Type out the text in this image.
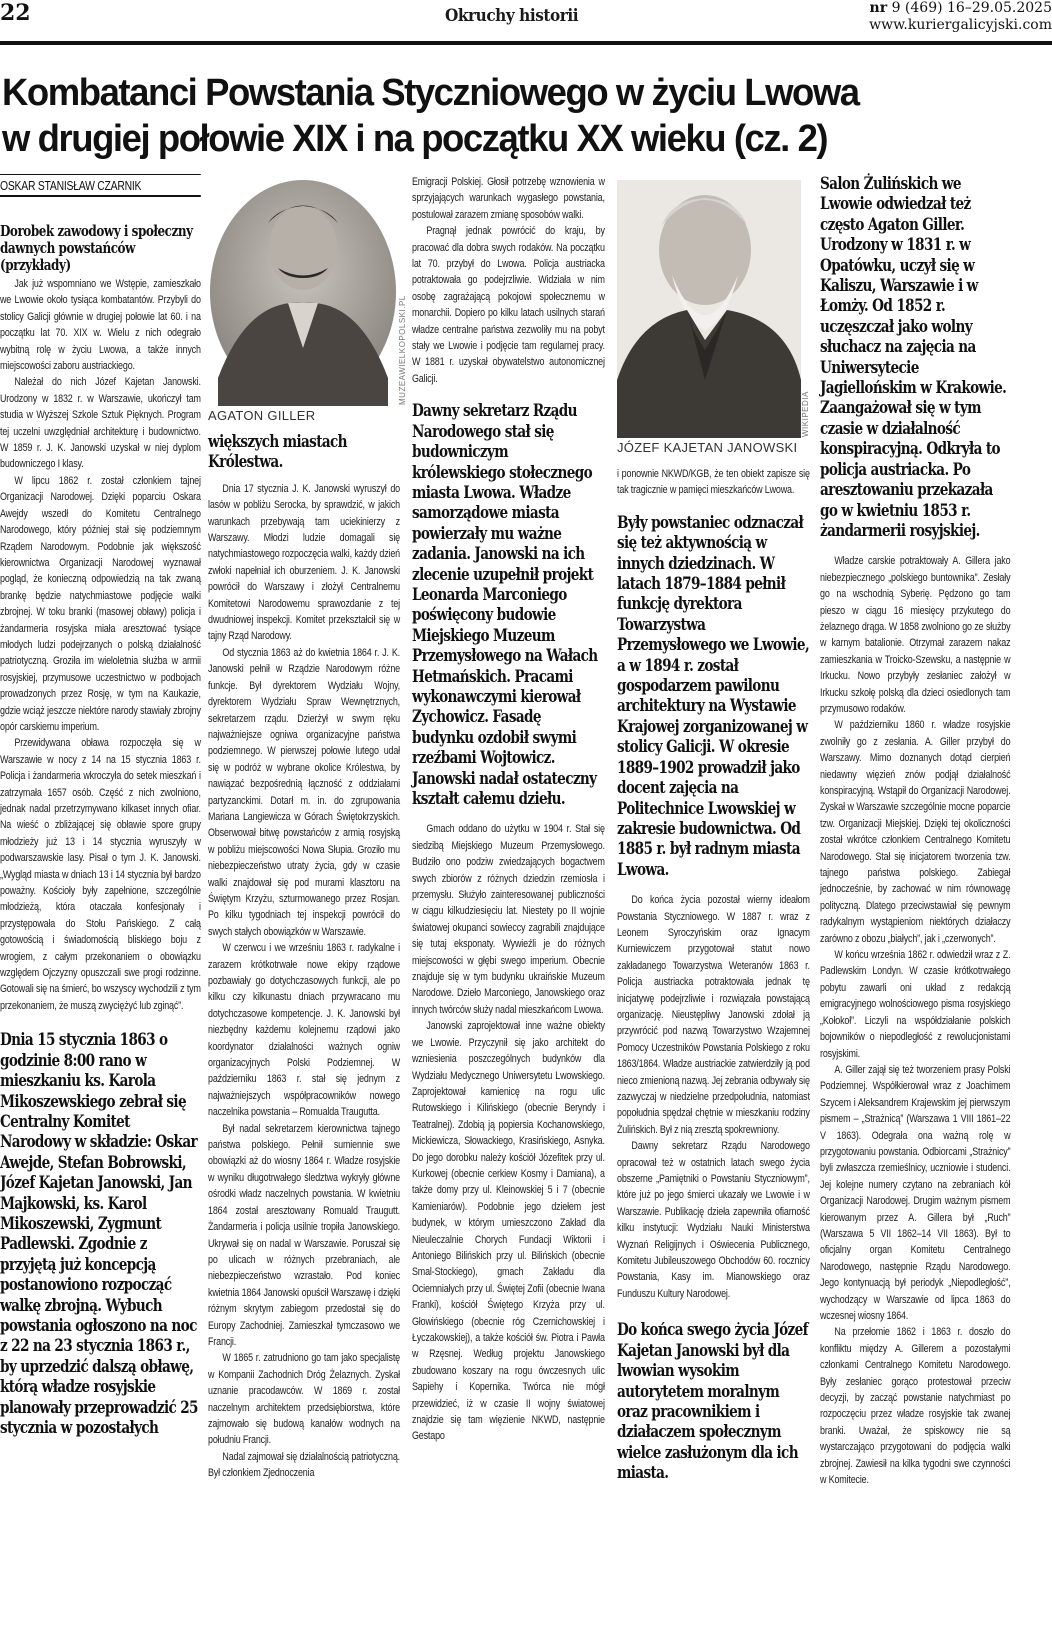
22	Okruchy historii	nr 9 (469) 16–29.05.2025
www.kuriergalicyjski.com
Kombatanci Powstania Styczniowego w życiu Lwowa
w drugiej połowie XIX i na początku XX wieku (cz. 2)
OSKAR STANISŁAW CZARNIK
Dorobek zawodowy i społeczny dawnych powstańców (przykłady)

Jak już wspomniano we Wstępie, zamieszkało we Lwowie około tysiąca kombatantów. Przybyli do stolicy Galicji głównie w drugiej połowie lat 60. i na początku lat 70. XIX w. Wielu z nich odegrało wybitną rolę w życiu Lwowa, a także innych miejscowości zaboru austriackiego.

Należał do nich Józef Kajetan Janowski. Urodzony w 1832 r. w Warszawie, ukończył tam studia w Wyższej Szkole Sztuk Pięknych. Program tej uczelni uwzględniał architekturę i budownictwo. W 1859 r. J. K. Janowski uzyskał w niej dyplom budowniczego I klasy.

W lipcu 1862 r. został członkiem tajnej Organizacji Narodowej. Dzięki poparciu Oskara Awejdy wszedł do Komitetu Centralnego Narodowego, który później stał się podziemnym Rządem Narodowym. Podobnie jak większość kierownictwa Organizacji Narodowej wyznawał pogląd, że konieczną odpowiedzią na tak zwaną brankę będzie natychmiastowe podjęcie walki zbrojnej. W toku branki (masowej obławy) policja i żandarmeria rosyjska miała aresztować tysiące młodych ludzi podejrzanych o polską działalność patriotyczną. Groziła im wieloletnia służba w armii rosyjskiej, przymusowe uczestnictwo w podbojach prowadzonych przez Rosję, w tym na Kaukazie, gdzie wciąż jeszcze niektóre narody stawiały zbrojny opór carskiemu imperium.

Przewidywana obława rozpoczęła się w Warszawie w nocy z 14 na 15 stycznia 1863 r. Policja i żandarmeria wkroczyła do setek mieszkań i zatrzymała 1657 osób. Część z nich zwolniono, jednak nadal przetrzymywano kilkaset innych ofiar. Na wieść o zbliżającej się obławie spore grupy młodzieży już 13 i 14 stycznia wyruszyły w podwarszawskie lasy. Pisał o tym J. K. Janowski. „Wygląd miasta w dniach 13 i 14 stycznia był bardzo poważny. Kościoły były zapełnione, szczególnie młodzieżą, która otaczała konfesjonały i przystępowała do Stołu Pańskiego. Z całą gotowością i świadomością bliskiego boju z wrogiem, z całym przekonaniem o obowiązku względem Ojczyzny opuszczali swe progi rodzinne. Gotowali się na śmierć, bo wszyscy wychodzili z tym przekonaniem, że muszą zwyciężyć lub zginąć”.

Dnia 15 stycznia 1863 o godzinie 8:00 rano w mieszkaniu ks. Karola Mikoszewskiego zebrał się Centralny Komitet Narodowy w składzie: Oskar Awejde, Stefan Bobrowski, Józef Kajetan Janowski, Jan Majkowski, ks. Karol Mikoszewski, Zygmunt Padlewski. Zgodnie z przyjętą już koncepcją postanowiono rozpocząć walkę zbrojną. Wybuch powstania ogłoszono na noc z 22 na 23 stycznia 1863 r., by uprzedzić dalszą obławę, którą władze rosyjskie planowały przeprowadzić 25 stycznia w pozostałych

MUZEAWIELKOPOLSKI.PL
AGATON GILLER

większych miastach Królestwa.

Dnia 17 stycznia J. K. Janowski wyruszył do lasów w pobliżu Serocka, by sprawdzić, w jakich warunkach przebywają tam uciekinierzy z Warszawy. Młodzi ludzie domagali się natychmiastowego rozpoczęcia walki, każdy dzień zwłoki napełniał ich oburzeniem. J. K. Janowski powrócił do Warszawy i złożył Centralnemu Komitetowi Narodowemu sprawozdanie z tej dwudniowej inspekcji. Komitet przekształcił się w tajny Rząd Narodowy.

Od stycznia 1863 aż do kwietnia 1864 r. J. K. Janowski pełnił w Rządzie Narodowym różne funkcje. Był dyrektorem Wydziału Wojny, dyrektorem Wydziału Spraw Wewnętrznych, sekretarzem rządu. Dzierżył w swym ręku najważniejsze ogniwa organizacyjne państwa podziemnego. W pierwszej połowie lutego udał się w podróż w wybrane okolice Królestwa, by nawiązać bezpośrednią łączność z oddziałami partyzanckimi. Dotarł m. in. do zgrupowania Mariana Langiewicza w Górach Świętokrzyskich. Obserwował bitwę powstańców z armią rosyjską w pobliżu miejscowości Nowa Słupia. Groziło mu niebezpieczeństwo utraty życia, gdy w czasie walki znajdował się pod murami klasztoru na Świętym Krzyżu, szturmowanego przez Rosjan. Po kilku tygodniach tej inspekcji powrócił do swych stałych obowiązków w Warszawie.

W czerwcu i we wrześniu 1863 r. radykalne i zarazem krótkotrwałe nowe ekipy rządowe pozbawiały go dotychczasowych funkcji, ale po kilku czy kilkunastu dniach przywracano mu dotychczasowe kompetencje. J. K. Janowski był niezbędny każdemu kolejnemu rządowi jako koordynator działalności ważnych ogniw organizacyjnych Polski Podziemnej. W październiku 1863 r. stał się jednym z najważniejszych współpracowników nowego naczelnika powstania – Romualda Traugutta.

Był nadal sekretarzem kierownictwa tajnego państwa polskiego. Pełnił sumiennie swe obowiązki aż do wiosny 1864 r. Władze rosyjskie w wyniku długotrwałego śledztwa wykryły główne ośrodki władz naczelnych powstania. W kwietniu 1864 został aresztowany Romuald Traugutt. Żandarmeria i policja usilnie tropiła Janowskiego. Ukrywał się on nadal w Warszawie. Poruszał się po ulicach w różnych przebraniach, ale niebezpieczeństwo wzrastało. Pod koniec kwietnia 1864 Janowski opuścił Warszawę i dzięki różnym skrytym zabiegom przedostał się do Europy Zachodniej. Zamieszkał tymczasowo we Francji.

W 1865 r. zatrudniono go tam jako specjalistę w Kompanii Zachodnich Dróg Żelaznych. Zyskał uznanie pracodawców. W 1869 r. został naczelnym architektem przedsiębiorstwa, które zajmowało się budową kanałów wodnych na południu Francji.

Nadal zajmował się działalnością patriotyczną. Był członkiem Zjednoczenia

Emigracji Polskiej. Głosił potrzebę wznowienia w sprzyjających warunkach wygasłego powstania, postulował zarazem zmianę sposobów walki.

Pragnął jednak powrócić do kraju, by pracować dla dobra swych rodaków. Na początku lat 70. przybył do Lwowa. Policja austriacka potraktowała go podejrzliwie. Widziała w nim osobę zagrażającą pokojowi społecznemu w monarchii. Dopiero po kilku latach usilnych starań władze centralne państwa zezwoliły mu na pobyt stały we Lwowie i podjęcie tam regularnej pracy. W 1881 r. uzyskał obywatelstwo autonomicznej Galicji.

Dawny sekretarz Rządu Narodowego stał się budowniczym królewskiego stołecznego miasta Lwowa. Władze samorządowe miasta powierzały mu ważne zadania. Janowski na ich zlecenie uzupełnił projekt Leonarda Marconiego poświęcony budowie Miejskiego Muzeum Przemysłowego na Wałach Hetmańskich. Pracami wykonawczymi kierował Zychowicz. Fasadę budynku ozdobił swymi rzeźbami Wojtowicz. Janowski nadał ostateczny kształt całemu dziełu.

Gmach oddano do użytku w 1904 r. Stał się siedzibą Miejskiego Muzeum Przemysłowego. Budziło ono podziw zwiedzających bogactwem swych zbiorów z różnych dziedzin rzemiosła i przemysłu. Służyło zainteresowanej publiczności w ciągu kilkudziesięciu lat. Niestety po II wojnie światowej okupanci sowieccy zagrabili znajdujące się tutaj eksponaty. Wywieźli je do różnych miejscowości w głębi swego imperium. Obecnie znajduje się w tym budynku ukraińskie Muzeum Narodowe. Dzieło Marconiego, Janowskiego oraz innych twórców służy nadal mieszkańcom Lwowa.

Janowski zaprojektował inne ważne obiekty we Lwowie. Przyczynił się jako architekt do wzniesienia poszczególnych budynków dla Wydziału Medycznego Uniwersytetu Lwowskiego. Zaprojektował kamienicę na rogu ulic Rutowskiego i Kilińskiego (obecnie Beryndy i Teatralnej). Zdobią ją popiersia Kochanowskiego, Mickiewicza, Słowackiego, Krasińskiego, Asnyka. Do jego dorobku należy kościół Józefitek przy ul. Kurkowej (obecnie cerkiew Kosmy i Damiana), a także domy przy ul. Kleinowskiej 5 i 7 (obecnie Kamieniarów). Podobnie jego dziełem jest budynek, w którym umieszczono Zakład dla Nieuleczalnie Chorych Fundacji Wiktorii i Antoniego Bilińskich przy ul. Bilińskich (obecnie Smal-Stockiego), gmach Zakładu dla Ociemniałych przy ul. Świętej Zofii (obecnie Iwana Franki), kościół Świętego Krzyża przy ul. Głowińskiego (obecnie róg Czernichowskiej i Łyczakowskiej), a także kościół św. Piotra i Pawła w Rzęsnej. Według projektu Janowskiego zbudowano koszary na rogu ówczesnych ulic Sapiehy i Kopernika. Twórca nie mógł przewidzieć, iż w czasie II wojny światowej znajdzie się tam więzienie NKWD, następnie Gestapo

WIKIPEDIA
JÓZEF KAJETAN JANOWSKI

i ponownie NKWD/KGB, że ten obiekt zapisze się tak tragicznie w pamięci mieszkańców Lwowa.

Były powstaniec odznaczał się też aktywnością w innych dziedzinach. W latach 1879–1884 pełnił funkcję dyrektora Towarzystwa Przemysłowego we Lwowie, a w 1894 r. został gospodarzem pawilonu architektury na Wystawie Krajowej zorganizowanej w stolicy Galicji. W okresie 1889–1902 prowadził jako docent zajęcia na Politechnice Lwowskiej w zakresie budownictwa. Od 1885 r. był radnym miasta Lwowa.

Do końca życia pozostał wierny ideałom Powstania Styczniowego. W 1887 r. wraz z Leonem Syroczyńskim oraz Ignacym Kurniewiczem przygotował statut nowo zakładanego Towarzystwa Weteranów 1863 r. Policja austriacka potraktowała jednak tę inicjatywę podejrzliwie i rozwiązała powstającą organizację. Nieustępliwy Janowski zdołał ją przywrócić pod nazwą Towarzystwo Wzajemnej Pomocy Uczestników Powstania Polskiego z roku 1863/1864. Władze austriackie zatwierdziły ją pod nieco zmienioną nazwą. Jej zebrania odbywały się zazwyczaj w niedzielne przedpołudnia, natomiast popołudnia spędzał chętnie w mieszkaniu rodziny Żulińskich. Był z nią zresztą spokrewniony.

Dawny sekretarz Rządu Narodowego opracował też w ostatnich latach swego życia obszerne „Pamiętniki o Powstaniu Styczniowym”, które już po jego śmierci ukazały we Lwowie i w Warszawie. Publikację dzieła zapewniła ofiarność kilku instytucji: Wydziału Nauki Ministerstwa Wyznań Religijnych i Oświecenia Publicznego, Komitetu Jubileuszowego Obchodów 60. rocznicy Powstania, Kasy im. Mianowskiego oraz Funduszu Kultury Narodowej.

Do końca swego życia Józef Kajetan Janowski był dla lwowian wysokim autorytetem moralnym oraz pracownikiem i działaczem społecznym wielce zasłużonym dla ich miasta.

Salon Żulińskich we Lwowie odwiedzał też często Agaton Giller. Urodzony w 1831 r. w Opatówku, uczył się w Kaliszu, Warszawie i w Łomży. Od 1852 r. uczęszczał jako wolny słuchacz na zajęcia na Uniwersytecie Jagiellońskim w Krakowie. Zaangażował się w tym czasie w działalność konspiracyjną. Odkryła to policja austriacka. Po aresztowaniu przekazała go w kwietniu 1853 r. żandarmerii rosyjskiej.

Władze carskie potraktowały A. Gillera jako niebezpiecznego „polskiego buntownika”. Zesłały go na wschodnią Syberię. Pędzono go tam pieszo w ciągu 16 miesięcy przykutego do żelaznego drąga. W 1858 zwolniono go ze służby w karnym batalionie. Otrzymał zarazem nakaz zamieszkania w Troicko-Szewsku, a następnie w Irkucku. Nowo przybyły zesłaniec założył w Irkucku szkołę polską dla dzieci osiedlonych tam przymusowo rodaków.

W październiku 1860 r. władze rosyjskie zwolniły go z zesłania. A. Giller przybył do Warszawy. Mimo doznanych dotąd cierpień niedawny więzień znów podjął działalność konspiracyjną. Wstąpił do Organizacji Narodowej. Zyskał w Warszawie szczególnie mocne poparcie tzw. Organizacji Miejskiej. Dzięki tej okoliczności został wkrótce członkiem Centralnego Komitetu Narodowego. Stał się inicjatorem tworzenia tzw. tajnego państwa polskiego. Zabiegał jednocześnie, by zachować w nim równowagę polityczną. Dlatego przeciwstawiał się pewnym radykalnym wystąpieniom niektórych działaczy zarówno z obozu „białych”, jak i „czerwonych”.

W końcu września 1862 r. odwiedził wraz z Z. Padlewskim Londyn. W czasie krótkotrwałego pobytu zawarli oni układ z redakcją emigracyjnego wolnościowego pisma rosyjskiego „Kołokoł”. Liczyli na współdziałanie polskich bojowników o niepodległość z rewolucjonistami rosyjskimi.

A. Giller zajął się też tworzeniem prasy Polski Podziemnej. Współkierował wraz z Joachimem Szycem i Aleksandrem Krajewskim jej pierwszym pismem – „Strażnicą” (Warszawa 1 VIII 1861–22 V 1863). Odegrała ona ważną rolę w przygotowaniu powstania. Odbiorcami „Strażnicy” byli zwłaszcza rzemieślnicy, uczniowie i studenci. Jej kolejne numery czytano na zebraniach kół Organizacji Narodowej. Drugim ważnym pismem kierowanym przez A. Gillera był „Ruch” (Warszawa 5 VII 1862–14 VII 1863). Był to oficjalny organ Komitetu Centralnego Narodowego, następnie Rządu Narodowego. Jego kontynuacją był periodyk „Niepodległość”, wychodzący w Warszawie od lipca 1863 do wczesnej wiosny 1864.

Na przełomie 1862 i 1863 r. doszło do konfliktu między A. Gillerem a pozostałymi członkami Centralnego Komitetu Narodowego. Były zesłaniec gorąco protestował przeciw decyzji, by zacząć powstanie natychmiast po rozpoczęciu przez władze rosyjskie tak zwanej branki. Uważał, że spiskowcy nie są wystarczająco przygotowani do podjęcia walki zbrojnej. Zawiesił na kilka tygodni swe czynności w Komitecie.
